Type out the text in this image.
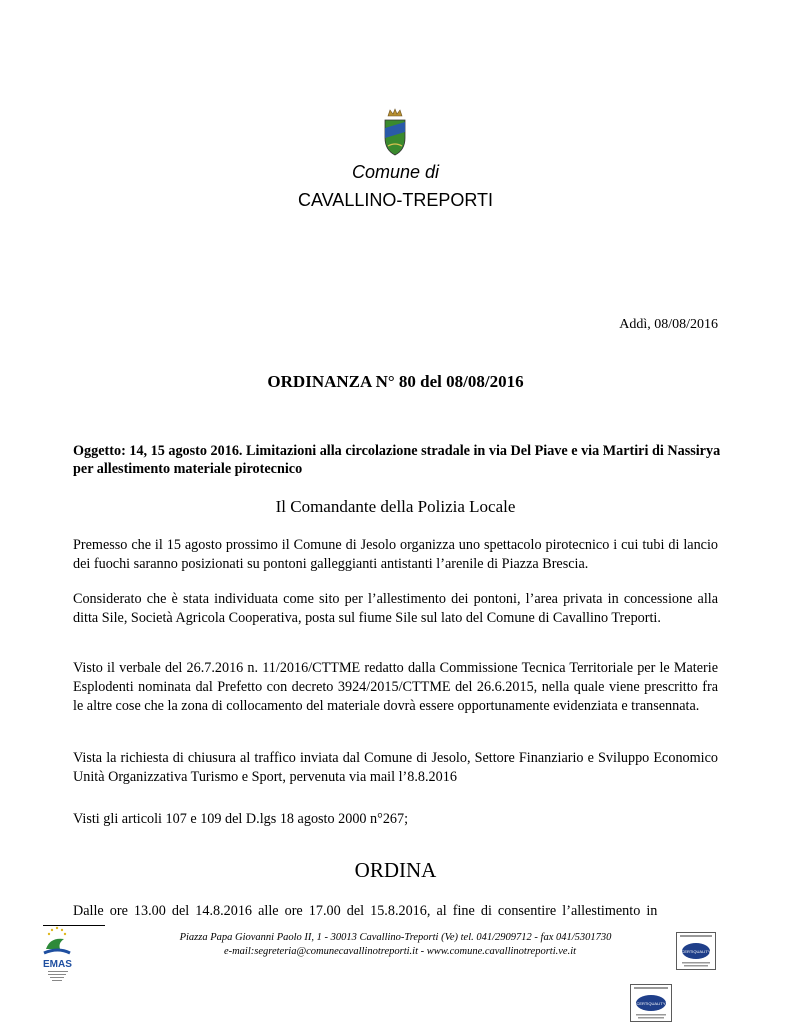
Comune di
CAVALLINO-TREPORTI
Addì, 08/08/2016
ORDINANZA N° 80 del 08/08/2016
Oggetto: 14, 15 agosto 2016. Limitazioni alla circolazione stradale in via Del Piave e via Martiri di Nassirya per allestimento materiale pirotecnico
Il Comandante della Polizia Locale
Premesso che il 15 agosto prossimo il Comune di Jesolo organizza uno spettacolo pirotecnico i cui tubi di lancio dei fuochi saranno posizionati su pontoni galleggianti antistanti l’arenile di Piazza Brescia.
Considerato che è stata individuata come sito per l’allestimento dei pontoni, l’area privata in concessione alla ditta Sile, Società Agricola Cooperativa, posta sul fiume Sile sul lato del Comune di Cavallino Treporti.
Visto il verbale del 26.7.2016 n. 11/2016/CTTME redatto dalla Commissione Tecnica Territoriale per le Materie Esplodenti nominata dal Prefetto con decreto 3924/2015/CTTME del 26.6.2015, nella quale viene prescritto fra le altre cose che la zona di collocamento del materiale dovrà essere opportunamente evidenziata e transennata.
Vista la richiesta di chiusura al traffico inviata dal Comune di Jesolo, Settore Finanziario e Sviluppo Economico Unità Organizzativa Turismo e Sport, pervenuta via mail l’8.8.2016
Visti gli articoli 107 e 109 del D.lgs 18 agosto 2000 n°267;
ORDINA
Dalle ore 13.00 del 14.8.2016 alle ore 17.00 del 15.8.2016, al fine di consentire l’allestimento in
EMAS
Piazza Papa Giovanni Paolo II, 1 - 30013 Cavallino-Treporti (Ve) tel. 041/2909712 - fax 041/5301730
e-mail:segreteria@comunecavallinotreporti.it - www.comune.cavallinotreporti.ve.it	CERTIQUALITY
CERTIQUALITY
